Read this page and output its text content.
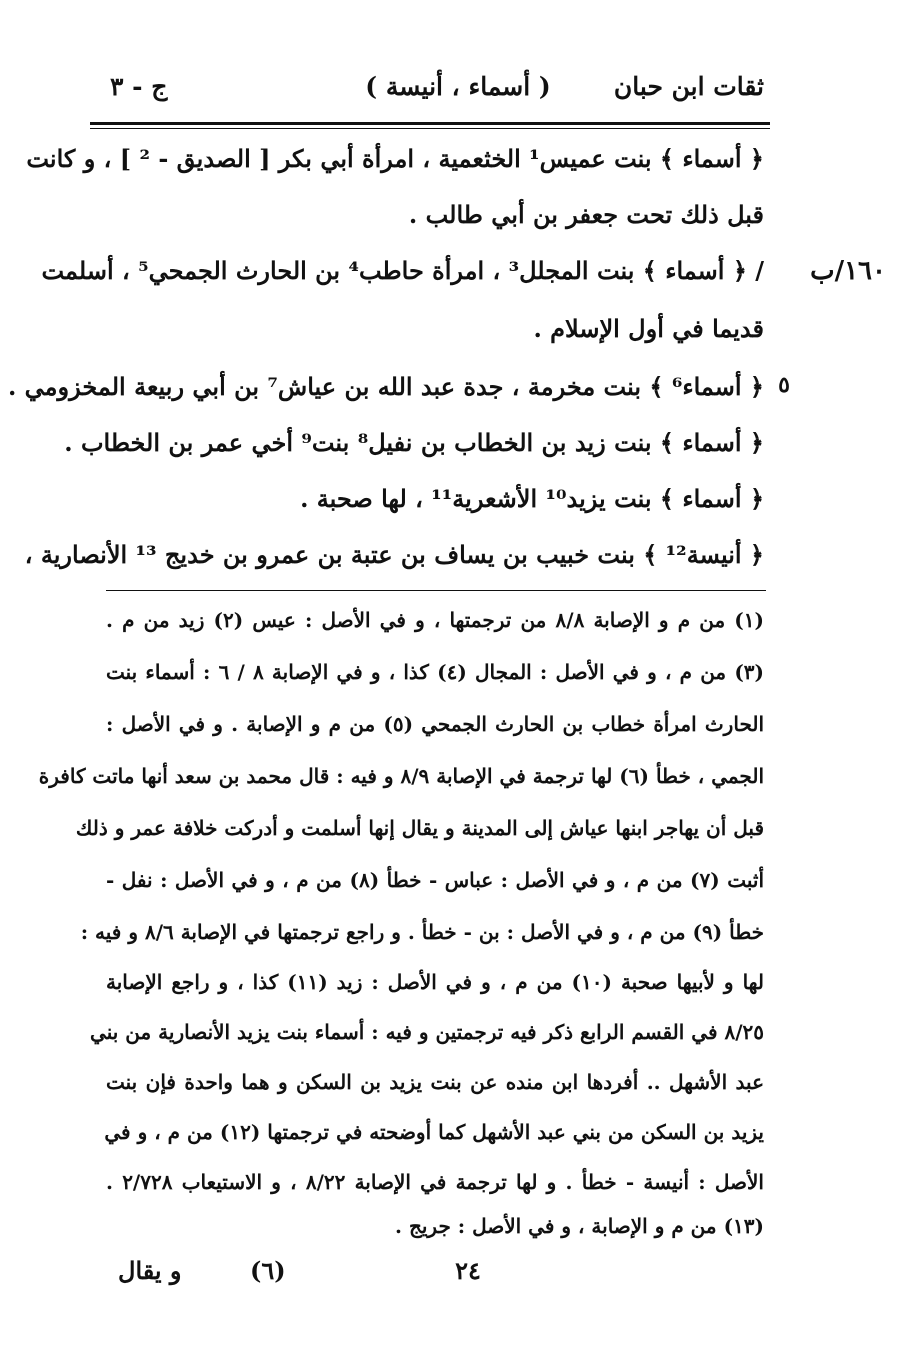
ثقات ابن حبان
( أسماء ، أنيسة )
ج - ٣
١٦٠/ب
٥
﴿ أسماء ﴾ بنت عميس¹ الخثعمية ، امرأة أبي بكر [ الصديق - ² ] ، و كانت
قبل ذلك تحت جعفر بن أبي طالب .
/ ﴿ أسماء ﴾ بنت المجلل³ ، امرأة حاطب⁴ بن الحارث الجمحي⁵ ، أسلمت
قديما في أول الإسلام .
﴿ أسماء⁶ ﴾ بنت مخرمة ، جدة عبد الله بن عياش⁷ بن أبي ربيعة المخزومي .
﴿ أسماء ﴾ بنت زيد بن الخطاب بن نفيل⁸ بنت⁹ أخي عمر بن الخطاب .
﴿ أسماء ﴾ بنت يزيد¹⁰ الأشعرية¹¹ ، لها صحبة .
﴿ أنيسة¹² ﴾ بنت خبيب بن يساف بن عتبة بن عمرو بن خديج ¹³ الأنصارية ،
(١) من م و الإصابة ٨/٨ من ترجمتها ، و في الأصل : عيس (٢) زيد من م .
(٣) من م ، و في الأصل : المجال (٤) كذا ، و في الإصابة ٨ / ٦ : أسماء بنت
الحارث امرأة خطاب بن الحارث الجمحي (٥) من م و الإصابة . و في الأصل :
الجمي ، خطأ (٦) لها ترجمة في الإصابة ٨/٩ و فيه : قال محمد بن سعد أنها ماتت كافرة
قبل أن يهاجر ابنها عياش إلى المدينة و يقال إنها أسلمت و أدركت خلافة عمر و ذلك
أثبت (٧) من م ، و في الأصل : عباس - خطأ (٨) من م ، و في الأصل : نفل -
خطأ (٩) من م ، و في الأصل : بن - خطأ . و راجع ترجمتها في الإصابة ٨/٦ و فيه :
لها و لأبيها صحبة (١٠) من م ، و في الأصل : زيد (١١) كذا ، و راجع الإصابة
٨/٢٥ في القسم الرابع ذكر فيه ترجمتين و فيه : أسماء بنت يزيد الأنصارية من بني
عبد الأشهل .. أفردها ابن منده عن بنت يزيد بن السكن و هما واحدة فإن بنت
يزيد بن السكن من بني عبد الأشهل كما أوضحته في ترجمتها (١٢) من م ، و في
الأصل : أنيسة - خطأ . و لها ترجمة في الإصابة ٨/٢٢ ، و الاستيعاب ٢/٧٢٨ .
(١٣) من م و الإصابة ، و في الأصل : جريج .
٢٤
(٦)
و يقال
